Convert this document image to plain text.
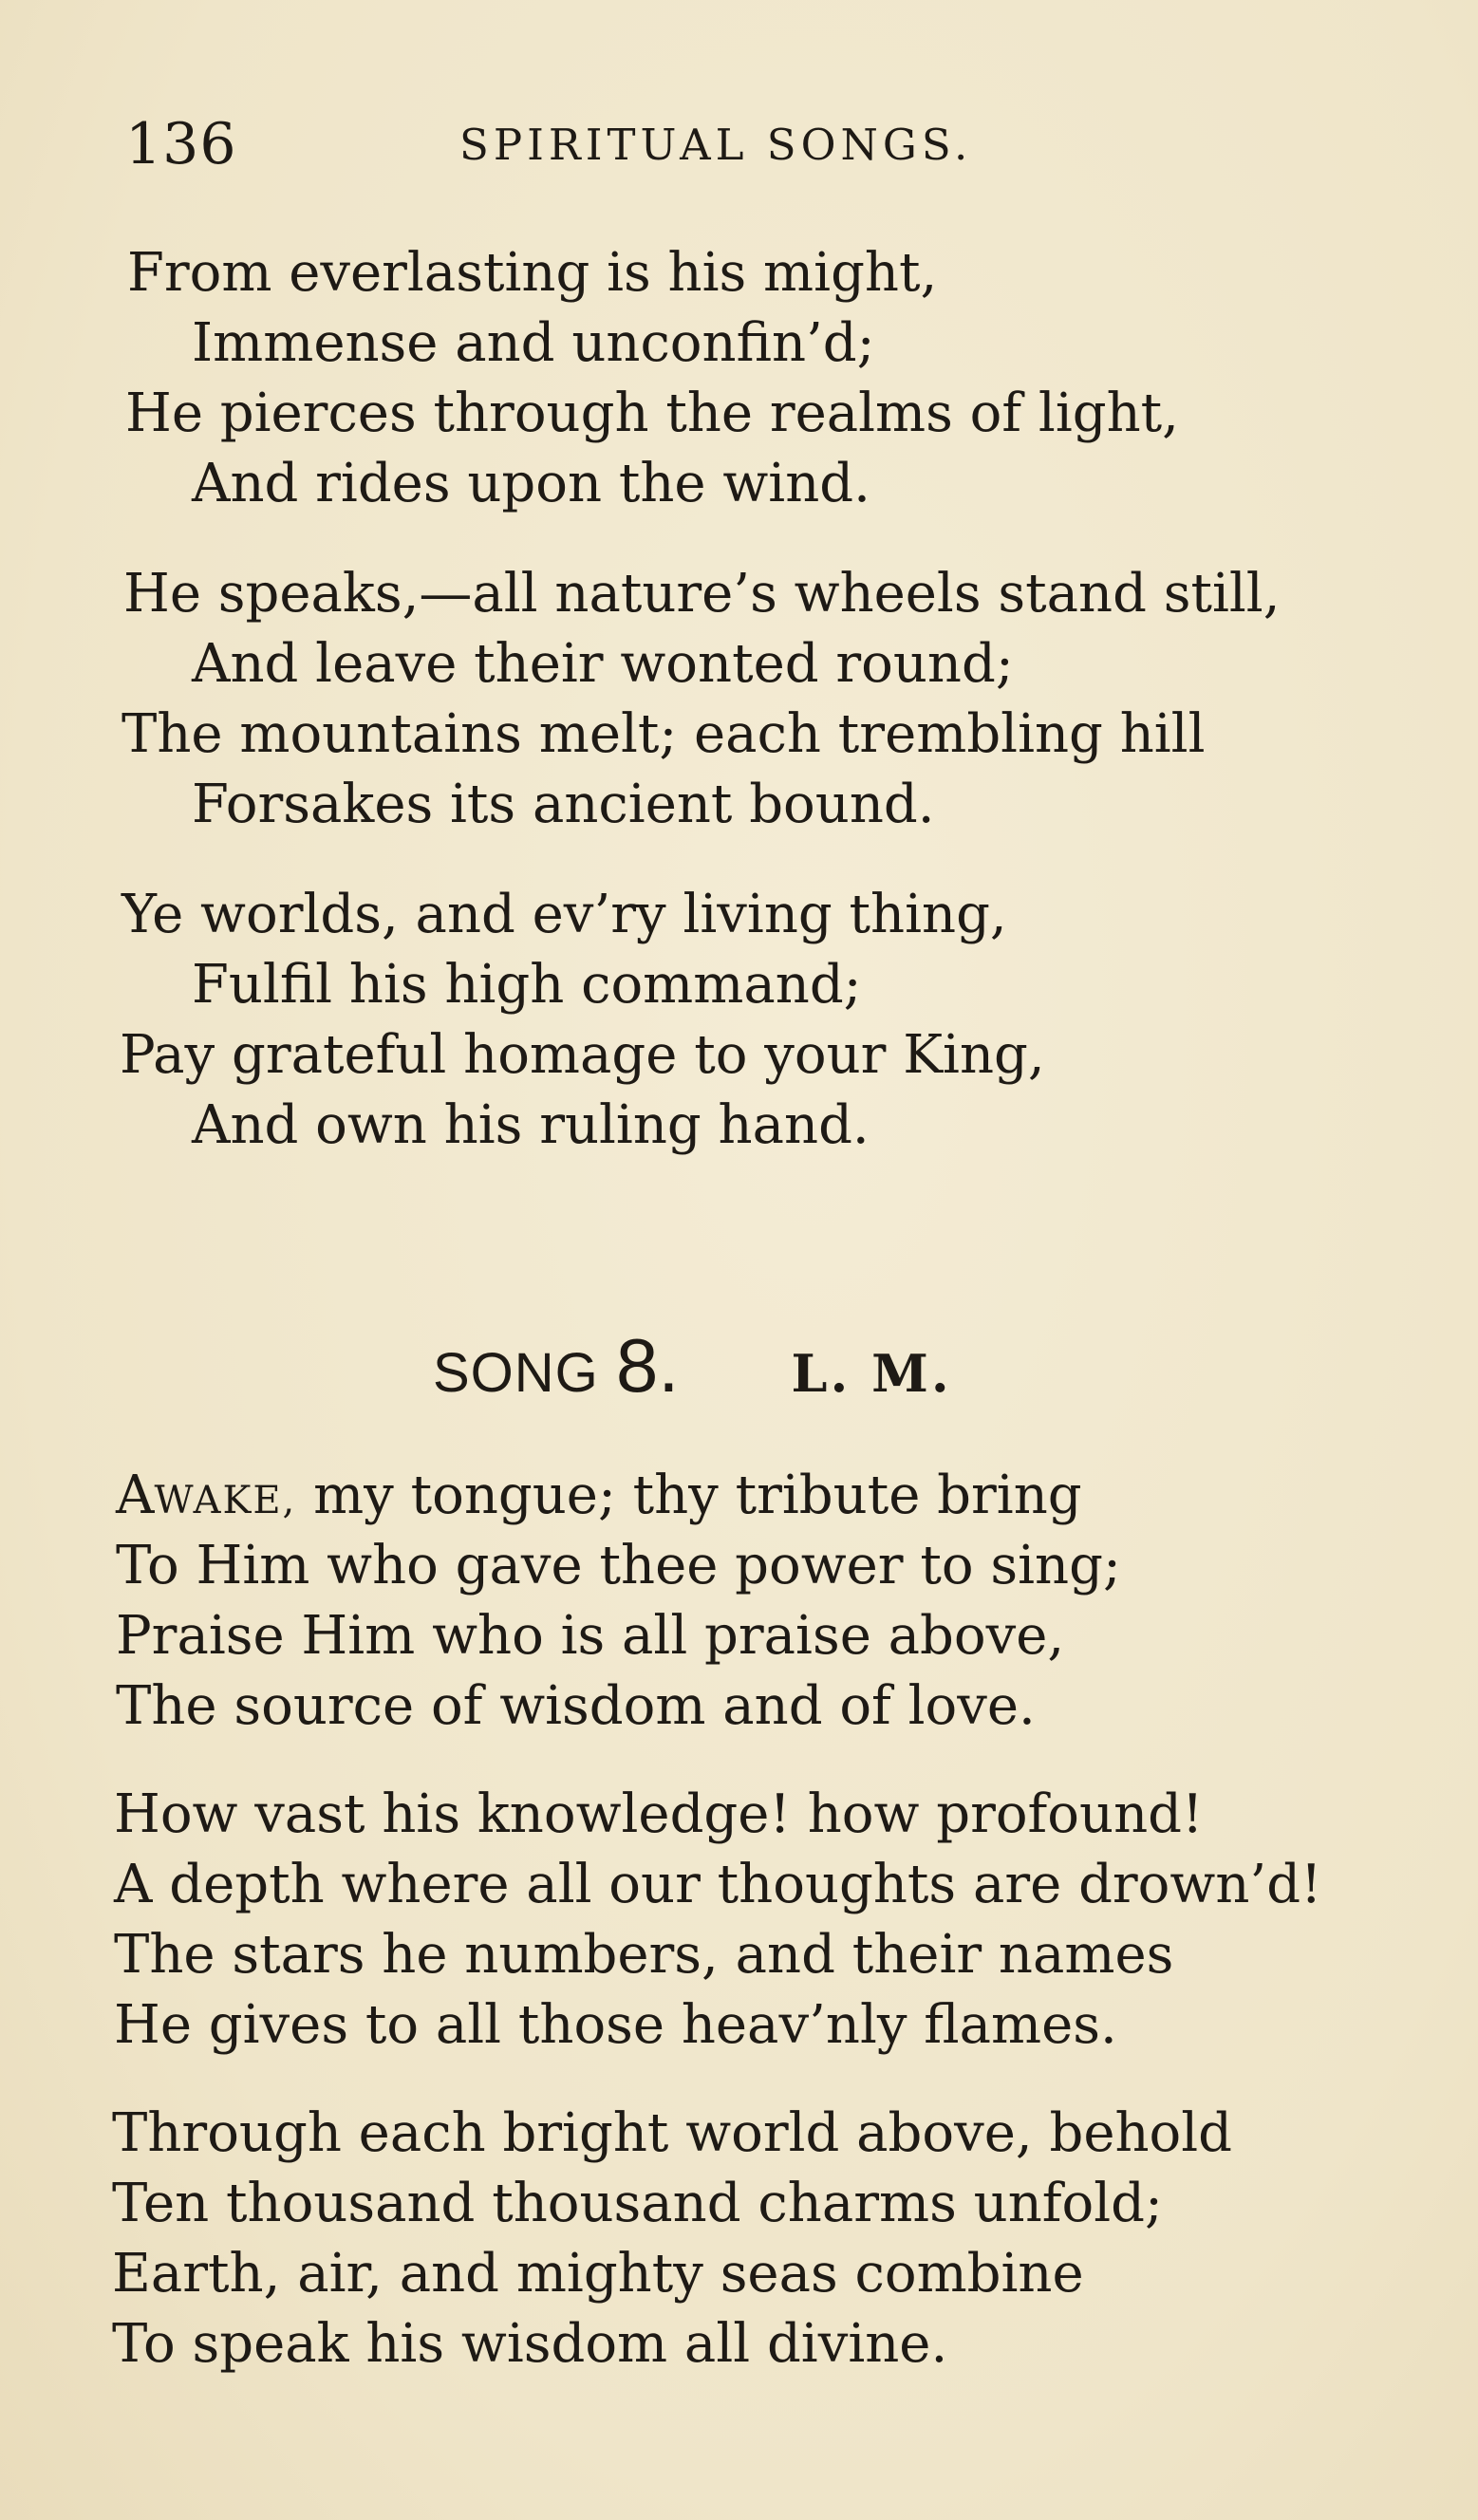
136	SPIRITUAL SONGS.
From everlasting is his might,
Immense and unconfin’d;
He pierces through the realms of light,
And rides upon the wind.
He speaks,—all nature’s wheels stand still,
And leave their wonted round;
The mountains melt; each trembling hill
Forsakes its ancient bound.
Ye worlds, and ev’ry living thing,
Fulfil his high command;
Pay grateful homage to your King,
And own his ruling hand.
SONG 8. L. M.
AWAKE, my tongue; thy tribute bring
To Him who gave thee power to sing;
Praise Him who is all praise above,
The source of wisdom and of love.
How vast his knowledge! how profound!
A depth where all our thoughts are drown’d!
The stars he numbers, and their names
He gives to all those heav’nly flames.
Through each bright world above, behold
Ten thousand thousand charms unfold;
Earth, air, and mighty seas combine
To speak his wisdom all divine.
